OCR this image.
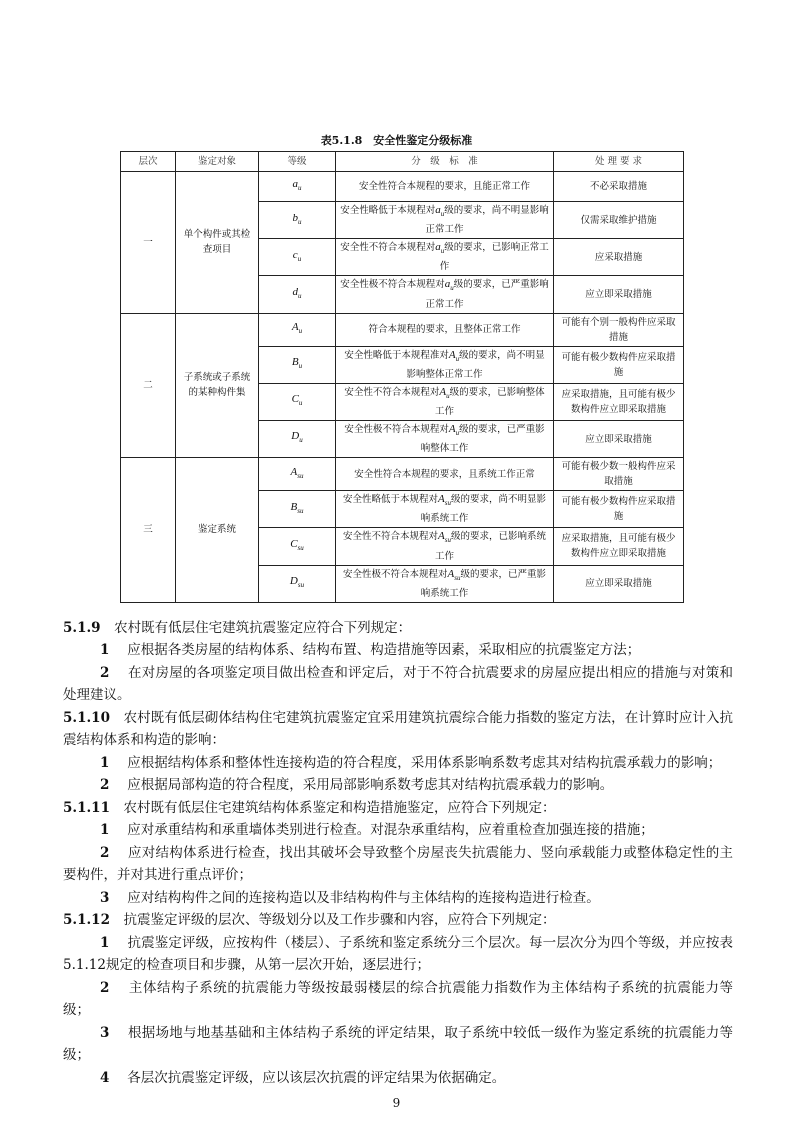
表5.1.8　安全性鉴定分级标准
层次	鉴定对象	等级	分　级　标　准	处 理 要 求
一	单个构件或其检查项目	$a_u$	安全性符合本规程的要求，且能正常工作	不必采取措施
		$b_u$	安全性略低于本规程对$a_u$级的要求，尚不明显影响正常工作	仅需采取维护措施
		$c_u$	安全性不符合本规程对$a_u$级的要求，已影响正常工作	应采取措施
		$d_u$	安全性极不符合本规程对$a_u$级的要求，已严重影响正常工作	应立即采取措施
二	子系统或子系统的某种构件集	$A_u$	符合本规程的要求，且整体正常工作	可能有个别一般构件应采取措施
		$B_u$	安全性略低于本规程准对$A_u$级的要求，尚不明显影响整体正常工作	可能有极少数构件应采取措施
		$C_u$	安全性不符合本规程对$A_u$级的要求，已影响整体工作	应采取措施，且可能有极少数构件应立即采取措施
		$D_u$	安全性极不符合本规程对$A_u$级的要求，已严重影响整体工作	应立即采取措施
三	鉴定系统	$A_{su}$	安全性符合本规程的要求，且系统工作正常	可能有极少数一般构件应采取措施
		$B_{su}$	安全性略低于本规程对$A_{su}$级的要求，尚不明显影响系统工作	可能有极少数构件应采取措施
		$C_{su}$	安全性不符合本规程对$A_{su}$级的要求，已影响系统工作	应采取措施，且可能有极少数构件应立即采取措施
		$D_{su}$	安全性极不符合本规程对$A_{su}$级的要求，已严重影响系统工作	应立即采取措施

5.1.9　 农村既有低层住宅建筑抗震鉴定应符合下列规定：

1　 应根据各类房屋的结构体系、结构布置、构造措施等因素，采取相应的抗震鉴定方法；

2　 在对房屋的各项鉴定项目做出检查和评定后，对于不符合抗震要求的房屋应提出相应的措施与对策和处理建议。

5.1.10　 农村既有低层砌体结构住宅建筑抗震鉴定宜采用建筑抗震综合能力指数的鉴定方法，在计算时应计入抗震结构体系和构造的影响：

1　 应根据结构体系和整体性连接构造的符合程度，采用体系影响系数考虑其对结构抗震承载力的影响；

2　 应根据局部构造的符合程度，采用局部影响系数考虑其对结构抗震承载力的影响。

5.1.11　 农村既有低层住宅建筑结构体系鉴定和构造措施鉴定，应符合下列规定：

1　 应对承重结构和承重墙体类别进行检查。对混杂承重结构，应着重检查加强连接的措施；

2　 应对结构体系进行检查，找出其破坏会导致整个房屋丧失抗震能力、竖向承载能力或整体稳定性的主要构件，并对其进行重点评价；

3　 应对结构构件之间的连接构造以及非结构构件与主体结构的连接构造进行检查。

5.1.12　 抗震鉴定评级的层次、等级划分以及工作步骤和内容，应符合下列规定：

1　 抗震鉴定评级，应按构件（楼层）、子系统和鉴定系统分三个层次。每一层次分为四个等级，并应按表5.1.12规定的检查项目和步骤，从第一层次开始，逐层进行；

2　 主体结构子系统的抗震能力等级按最弱楼层的综合抗震能力指数作为主体结构子系统的抗震能力等级；

3　 根据场地与地基基础和主体结构子系统的评定结果，取子系统中较低一级作为鉴定系统的抗震能力等级；

4　 各层次抗震鉴定评级，应以该层次抗震的评定结果为依据确定。

9
